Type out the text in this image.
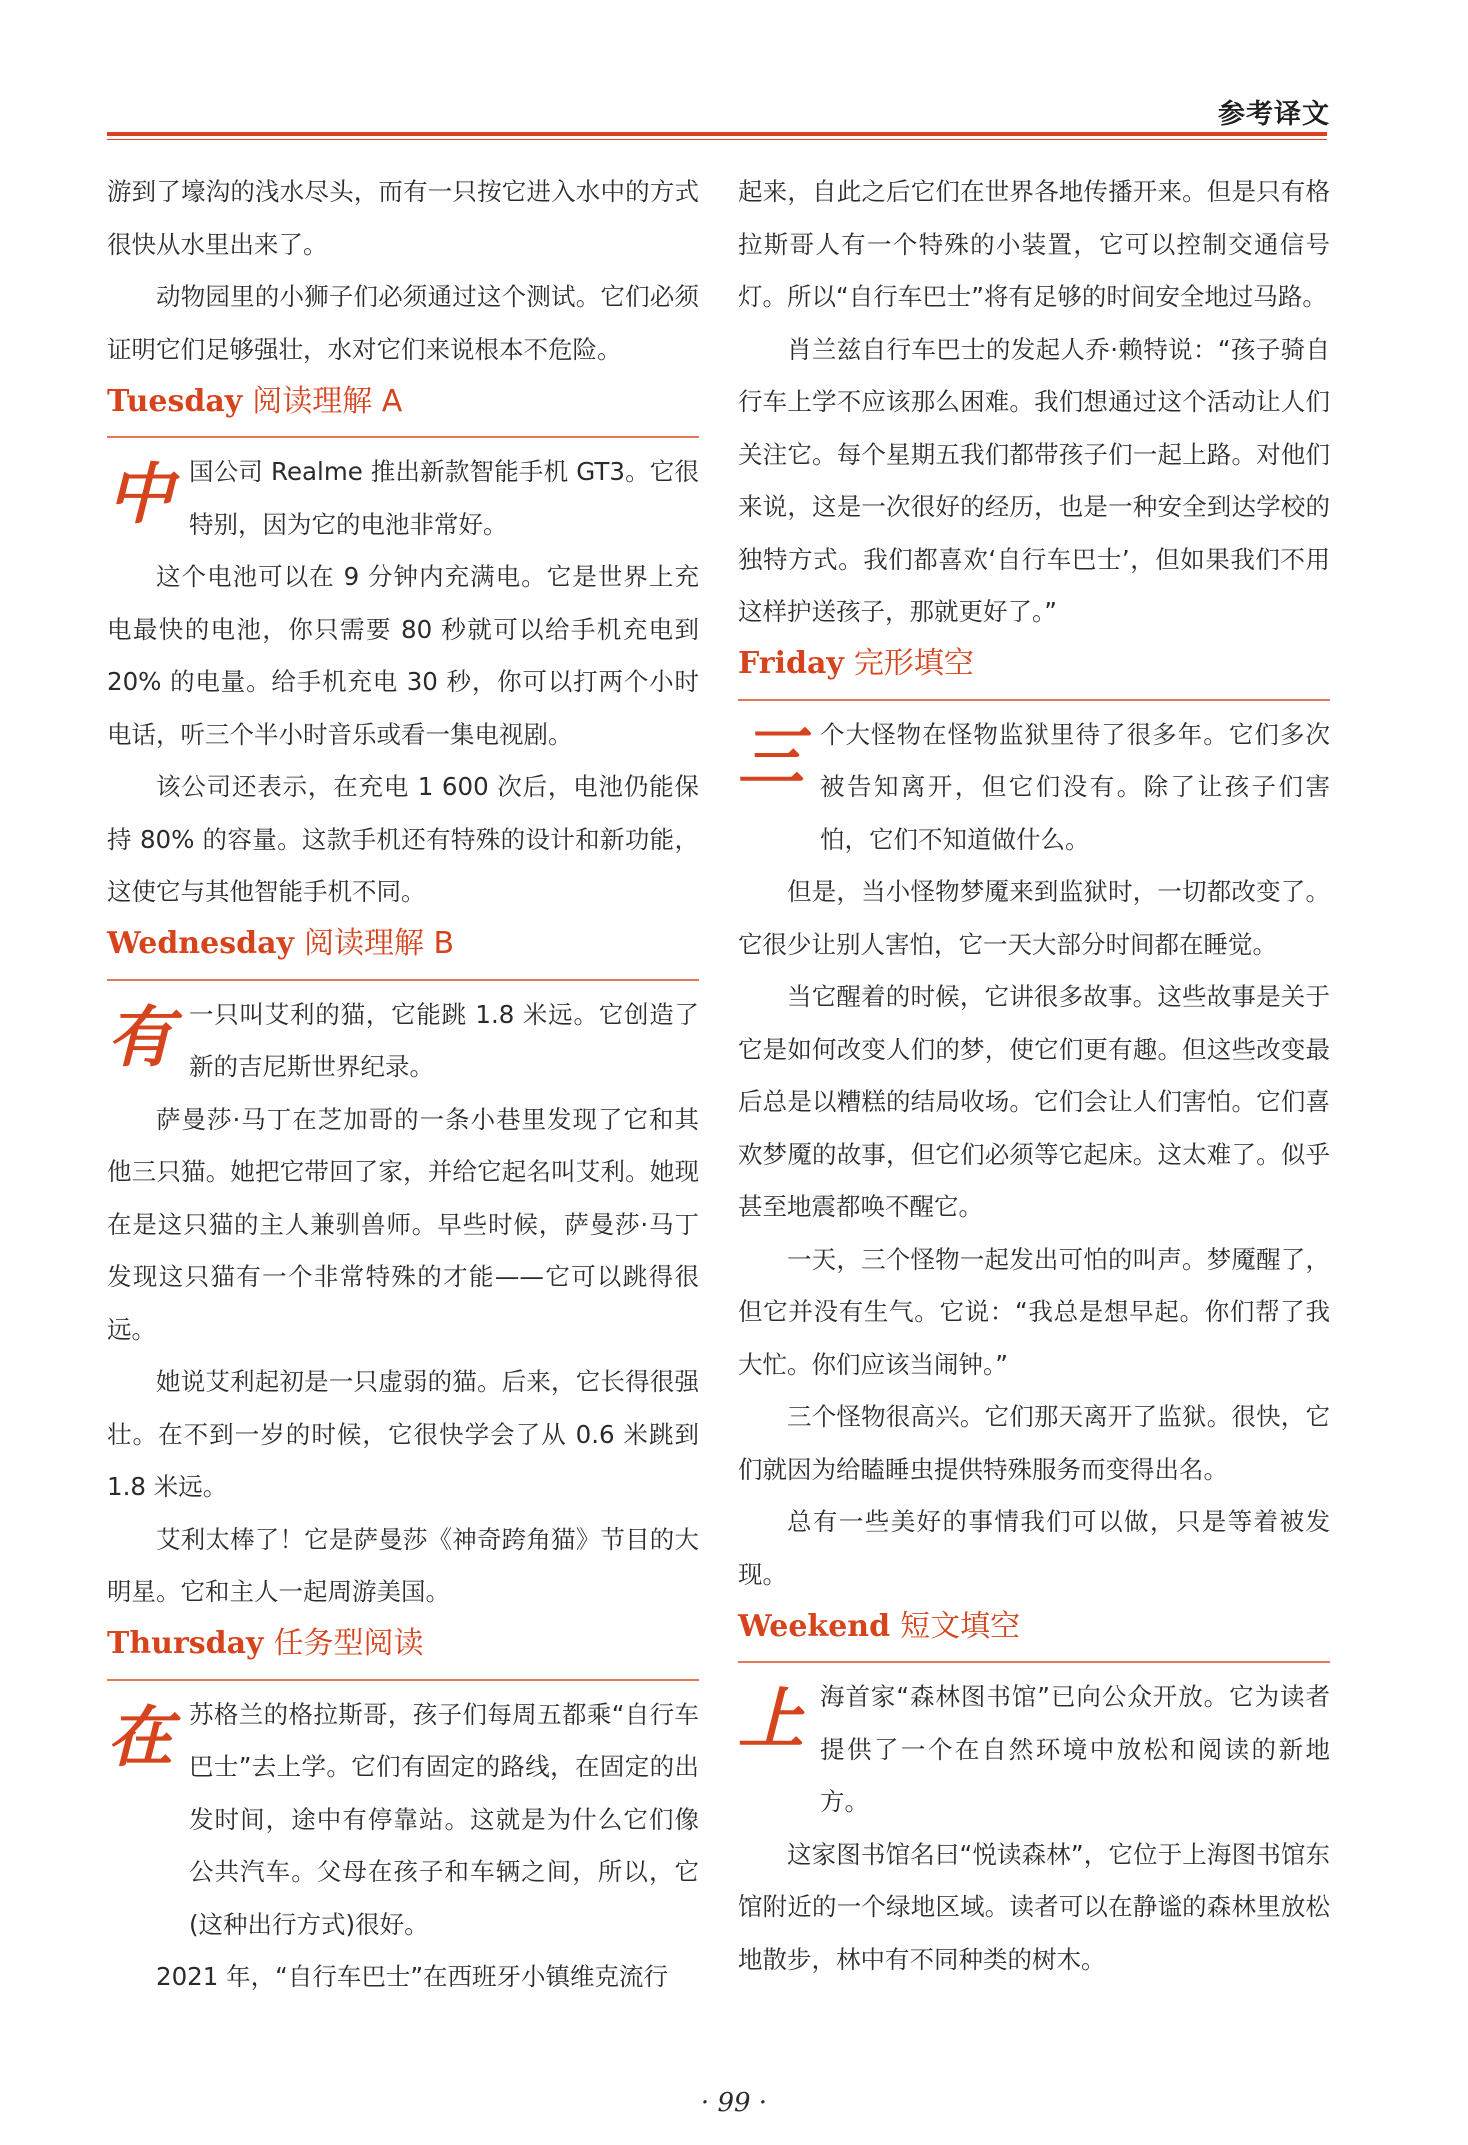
参考译文

游到了壕沟的浅水尽头，而有一只按它进入水中的方式很快从水里出来了。

动物园里的小狮子们必须通过这个测试。它们必须证明它们足够强壮，水对它们来说根本不危险。

Tuesday 阅读理解 A
中 国公司 Realme 推出新款智能手机 GT3。它很特别，因为它的电池非常好。

这个电池可以在 9 分钟内充满电。它是世界上充电最快的电池，你只需要 80 秒就可以给手机充电到 20% 的电量。给手机充电 30 秒，你可以打两个小时电话，听三个半小时音乐或看一集电视剧。

该公司还表示，在充电 1 600 次后，电池仍能保持 80% 的容量。这款手机还有特殊的设计和新功能，这使它与其他智能手机不同。

Wednesday 阅读理解 B
有 一只叫艾利的猫，它能跳 1.8 米远。它创造了新的吉尼斯世界纪录。

萨曼莎·马丁在芝加哥的一条小巷里发现了它和其他三只猫。她把它带回了家，并给它起名叫艾利。她现在是这只猫的主人兼驯兽师。早些时候，萨曼莎·马丁发现这只猫有一个非常特殊的才能——它可以跳得很远。

她说艾利起初是一只虚弱的猫。后来，它长得很强壮。在不到一岁的时候，它很快学会了从 0.6 米跳到 1.8 米远。

艾利太棒了！它是萨曼莎《神奇跨角猫》节目的大明星。它和主人一起周游美国。

Thursday 任务型阅读
在 苏格兰的格拉斯哥，孩子们每周五都乘“自行车巴士”去上学。它们有固定的路线，在固定的出发时间，途中有停靠站。这就是为什么它们像公共汽车。父母在孩子和车辆之间，所以，它(这种出行方式)很好。

2021 年，“自行车巴士”在西班牙小镇维克流行

起来，自此之后它们在世界各地传播开来。但是只有格拉斯哥人有一个特殊的小装置，它可以控制交通信号灯。所以“自行车巴士”将有足够的时间安全地过马路。

肖兰兹自行车巴士的发起人乔·赖特说：“孩子骑自行车上学不应该那么困难。我们想通过这个活动让人们关注它。每个星期五我们都带孩子们一起上路。对他们来说，这是一次很好的经历，也是一种安全到达学校的独特方式。我们都喜欢‘自行车巴士’，但如果我们不用这样护送孩子，那就更好了。”

Friday 完形填空
三 个大怪物在怪物监狱里待了很多年。它们多次被告知离开，但它们没有。除了让孩子们害怕，它们不知道做什么。

但是，当小怪物梦魇来到监狱时，一切都改变了。它很少让别人害怕，它一天大部分时间都在睡觉。

当它醒着的时候，它讲很多故事。这些故事是关于它是如何改变人们的梦，使它们更有趣。但这些改变最后总是以糟糕的结局收场。它们会让人们害怕。它们喜欢梦魇的故事，但它们必须等它起床。这太难了。似乎甚至地震都唤不醒它。

一天，三个怪物一起发出可怕的叫声。梦魇醒了，但它并没有生气。它说：“我总是想早起。你们帮了我大忙。你们应该当闹钟。”

三个怪物很高兴。它们那天离开了监狱。很快，它们就因为给瞌睡虫提供特殊服务而变得出名。

总有一些美好的事情我们可以做，只是等着被发现。

Weekend 短文填空
上 海首家“森林图书馆”已向公众开放。它为读者提供了一个在自然环境中放松和阅读的新地方。

这家图书馆名曰“悦读森林”，它位于上海图书馆东馆附近的一个绿地区域。读者可以在静谧的森林里放松地散步，林中有不同种类的树木。

· 99 ·
